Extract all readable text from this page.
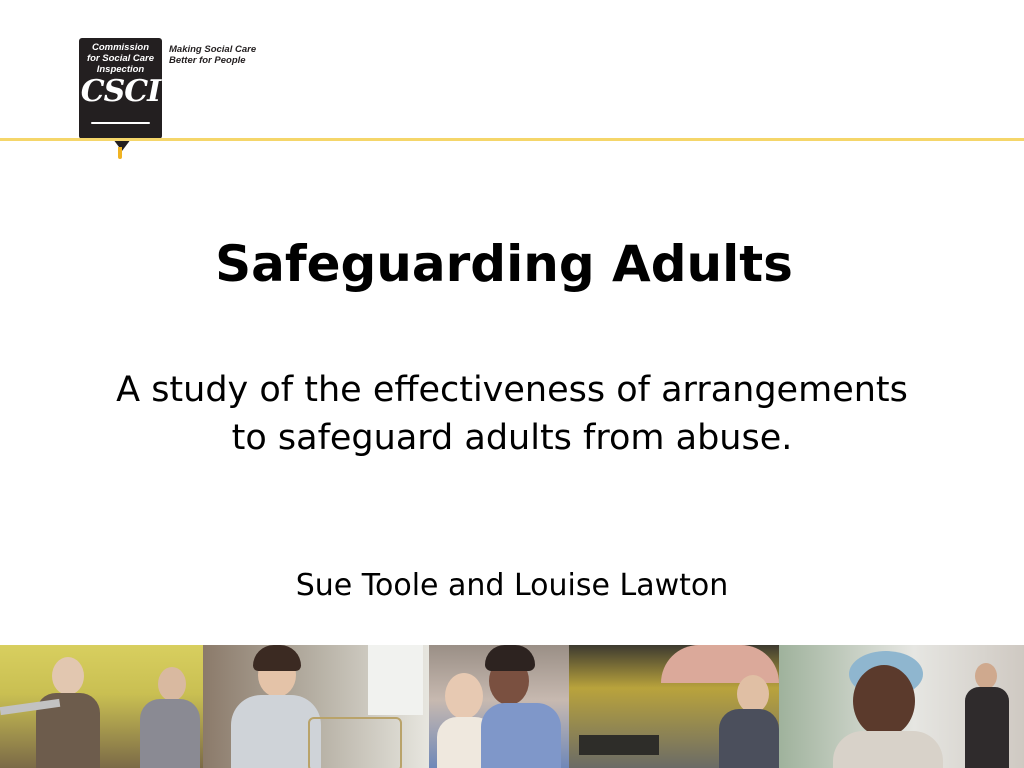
Commission
for Social Care
Inspection
CSCI
Making Social Care
Better for People
Safeguarding Adults

A study of the effectiveness of arrangements to safeguard adults from abuse.

Sue Toole and Louise Lawton
